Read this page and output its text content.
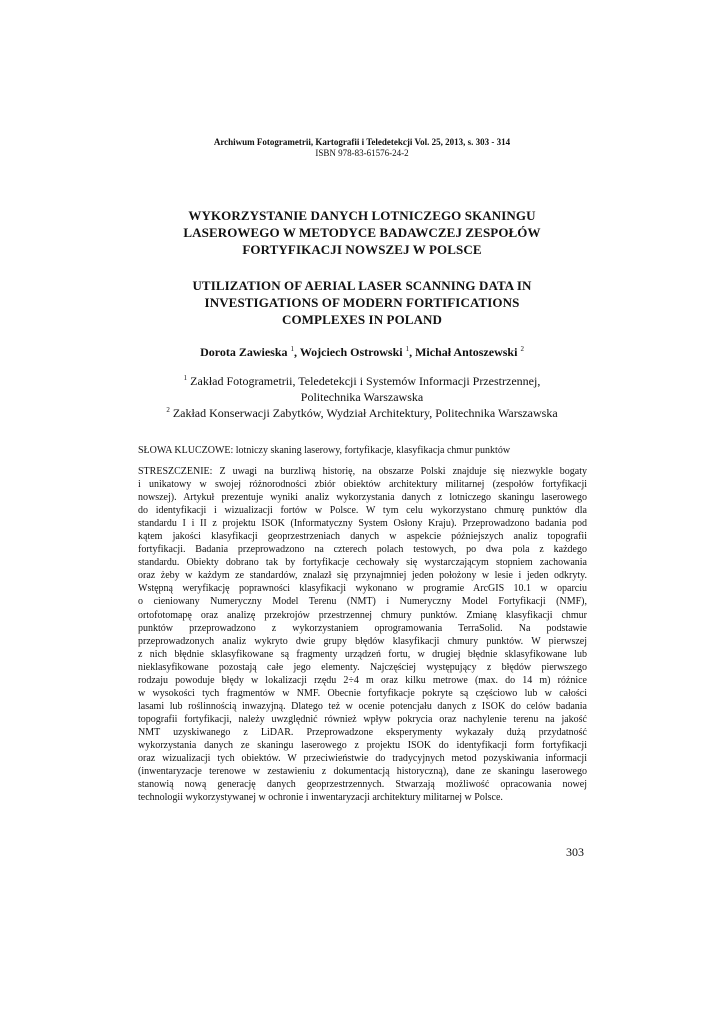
Archiwum Fotogrametrii, Kartografii i Teledetekcji Vol. 25, 2013, s. 303 - 314
ISBN 978-83-61576-24-2
WYKORZYSTANIE DANYCH LOTNICZEGO SKANINGU
LASEROWEGO W METODYCE BADAWCZEJ ZESPOŁÓW
FORTYFIKACJI NOWSZEJ W POLSCE
UTILIZATION OF AERIAL LASER SCANNING DATA IN
INVESTIGATIONS OF MODERN FORTIFICATIONS
COMPLEXES IN POLAND
Dorota Zawieska $^1$, Wojciech Ostrowski $^1$, Michał Antoszewski $^2$
$^1$ Zakład Fotogrametrii, Teledetekcji i Systemów Informacji Przestrzennej,
Politechnika Warszawska
$^2$ Zakład Konserwacji Zabytków, Wydział Architektury, Politechnika Warszawska
SŁOWA KLUCZOWE: lotniczy skaning laserowy, fortyfikacje, klasyfikacja chmur punktów
STRESZCZENIE: Z uwagi na burzliwą historię, na obszarze Polski znajduje się niezwykle bogaty
i unikatowy w swojej różnorodności zbiór obiektów architektury militarnej (zespołów fortyfikacji
nowszej). Artykuł prezentuje wyniki analiz wykorzystania danych z lotniczego skaningu laserowego
do identyfikacji i wizualizacji fortów w Polsce. W tym celu wykorzystano chmurę punktów dla
standardu I i II z projektu ISOK (Informatyczny System Osłony Kraju). Przeprowadzono badania pod
kątem jakości klasyfikacji geoprzestrzeniach danych w aspekcie późniejszych analiz topografii
fortyfikacji. Badania przeprowadzono na czterech polach testowych, po dwa pola z każdego
standardu. Obiekty dobrano tak by fortyfikacje cechowały się wystarczającym stopniem zachowania
oraz żeby w każdym ze standardów, znalazł się przynajmniej jeden położony w lesie i jeden odkryty.
Wstępną weryfikację poprawności klasyfikacji wykonano w programie ArcGIS 10.1 w oparciu
o cieniowany Numeryczny Model Terenu (NMT) i Numeryczny Model Fortyfikacji (NMF),
ortofotomapę oraz analizę przekrojów przestrzennej chmury punktów. Zmianę klasyfikacji chmur
punktów przeprowadzono z wykorzystaniem oprogramowania TerraSolid. Na podstawie
przeprowadzonych analiz wykryto dwie grupy błędów klasyfikacji chmury punktów. W pierwszej
z nich błędnie sklasyfikowane są fragmenty urządzeń fortu, w drugiej błędnie sklasyfikowane lub
nieklasyfikowane pozostają całe jego elementy. Najczęściej występujący z błędów pierwszego
rodzaju powoduje błędy w lokalizacji rzędu 2÷4 m oraz kilku metrowe (max. do 14 m) różnice
w wysokości tych fragmentów w NMF. Obecnie fortyfikacje pokryte są częściowo lub w całości
lasami lub roślinnością inwazyjną. Dlatego też w ocenie potencjału danych z ISOK do celów badania
topografii fortyfikacji, należy uwzględnić również wpływ pokrycia oraz nachylenie terenu na jakość
NMT uzyskiwanego z LiDAR. Przeprowadzone eksperymenty wykazały dużą przydatność
wykorzystania danych ze skaningu laserowego z projektu ISOK do identyfikacji form fortyfikacji
oraz wizualizacji tych obiektów. W przeciwieństwie do tradycyjnych metod pozyskiwania informacji
(inwentaryzacje terenowe w zestawieniu z dokumentacją historyczną), dane ze skaningu laserowego
stanowią nową generację danych geoprzestrzennych. Stwarzają możliwość opracowania nowej
technologii wykorzystywanej w ochronie i inwentaryzacji architektury militarnej w Polsce.
303
